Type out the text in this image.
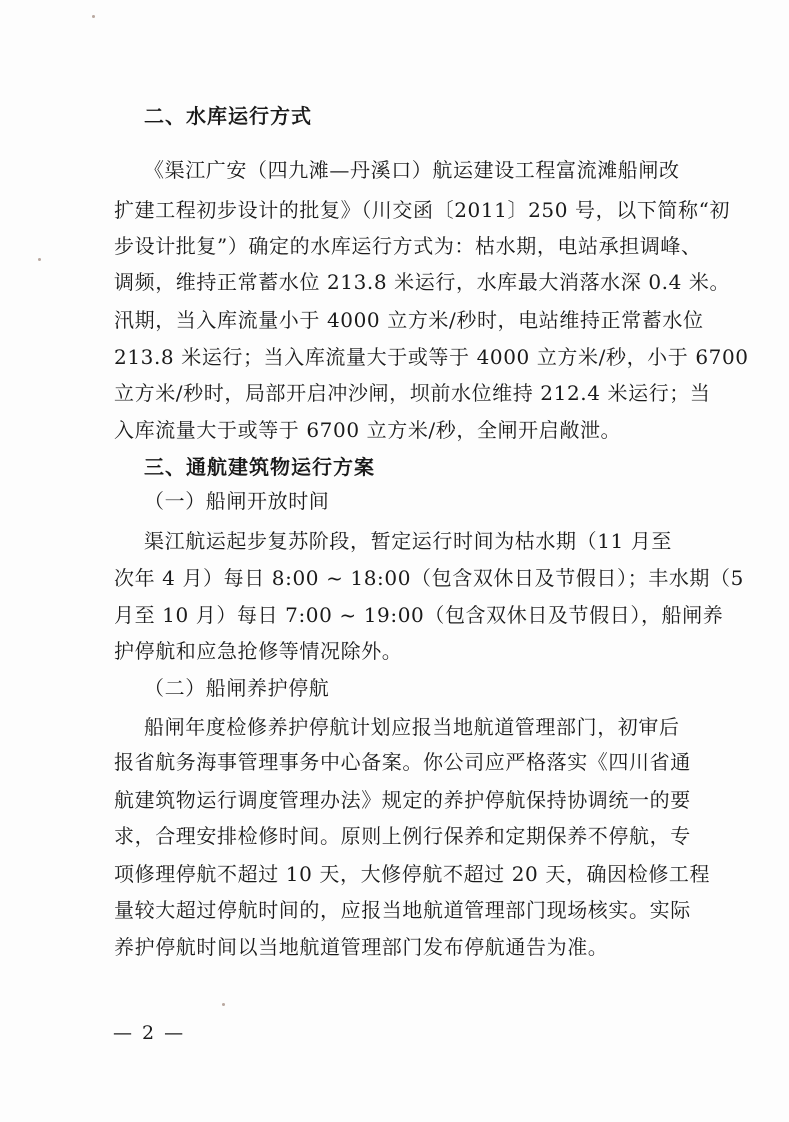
二、水库运行方式
《渠江广安（四九滩—丹溪口）航运建设工程富流滩船闸改
扩建工程初步设计的批复》（川交函〔2011〕250 号，以下简称“初
步设计批复”）确定的水库运行方式为：枯水期，电站承担调峰、
调频，维持正常蓄水位 213.8 米运行，水库最大消落水深 0.4 米。
汛期，当入库流量小于 4000 立方米/秒时，电站维持正常蓄水位
213.8 米运行；当入库流量大于或等于 4000 立方米/秒，小于 6700
立方米/秒时，局部开启冲沙闸，坝前水位维持 212.4 米运行；当
入库流量大于或等于 6700 立方米/秒，全闸开启敞泄。
三、通航建筑物运行方案
（一）船闸开放时间
渠江航运起步复苏阶段，暂定运行时间为枯水期（11 月至
次年 4 月）每日 8:00 ~ 18:00（包含双休日及节假日）；丰水期（5
月至 10 月）每日 7:00 ~ 19:00（包含双休日及节假日），船闸养
护停航和应急抢修等情况除外。
（二）船闸养护停航
船闸年度检修养护停航计划应报当地航道管理部门，初审后
报省航务海事管理事务中心备案。你公司应严格落实《四川省通
航建筑物运行调度管理办法》规定的养护停航保持协调统一的要
求，合理安排检修时间。原则上例行保养和定期保养不停航，专
项修理停航不超过 10 天，大修停航不超过 20 天，确因检修工程
量较大超过停航时间的，应报当地航道管理部门现场核实。实际
养护停航时间以当地航道管理部门发布停航通告为准。
— 2 —
